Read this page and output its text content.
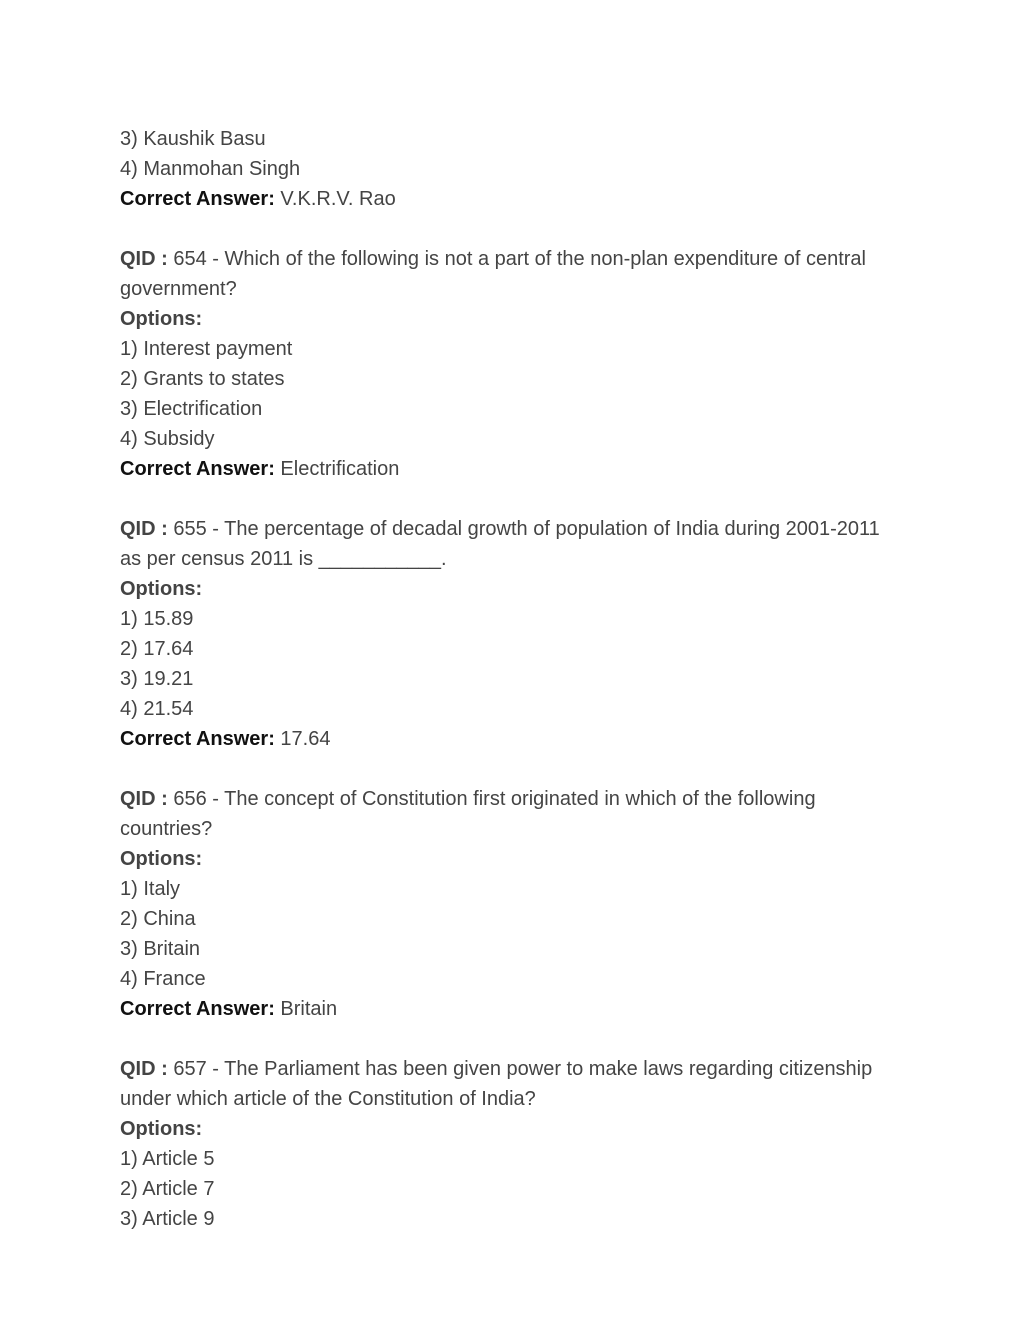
3) Kaushik Basu
4) Manmohan Singh
Correct Answer: V.K.R.V. Rao
QID : 654 - Which of the following is not a part of the non-plan expenditure of central government?
Options:
1) Interest payment
2) Grants to states
3) Electrification
4) Subsidy
Correct Answer: Electrification
QID : 655 - The percentage of decadal growth of population of India during 2001-2011 as per census 2011 is ___________.
Options:
1) 15.89
2) 17.64
3) 19.21
4) 21.54
Correct Answer: 17.64
QID : 656 - The concept of Constitution first originated in which of the following countries?
Options:
1) Italy
2) China
3) Britain
4) France
Correct Answer: Britain
QID : 657 - The Parliament has been given power to make laws regarding citizenship under which article of the Constitution of India?
Options:
1) Article 5
2) Article 7
3) Article 9
